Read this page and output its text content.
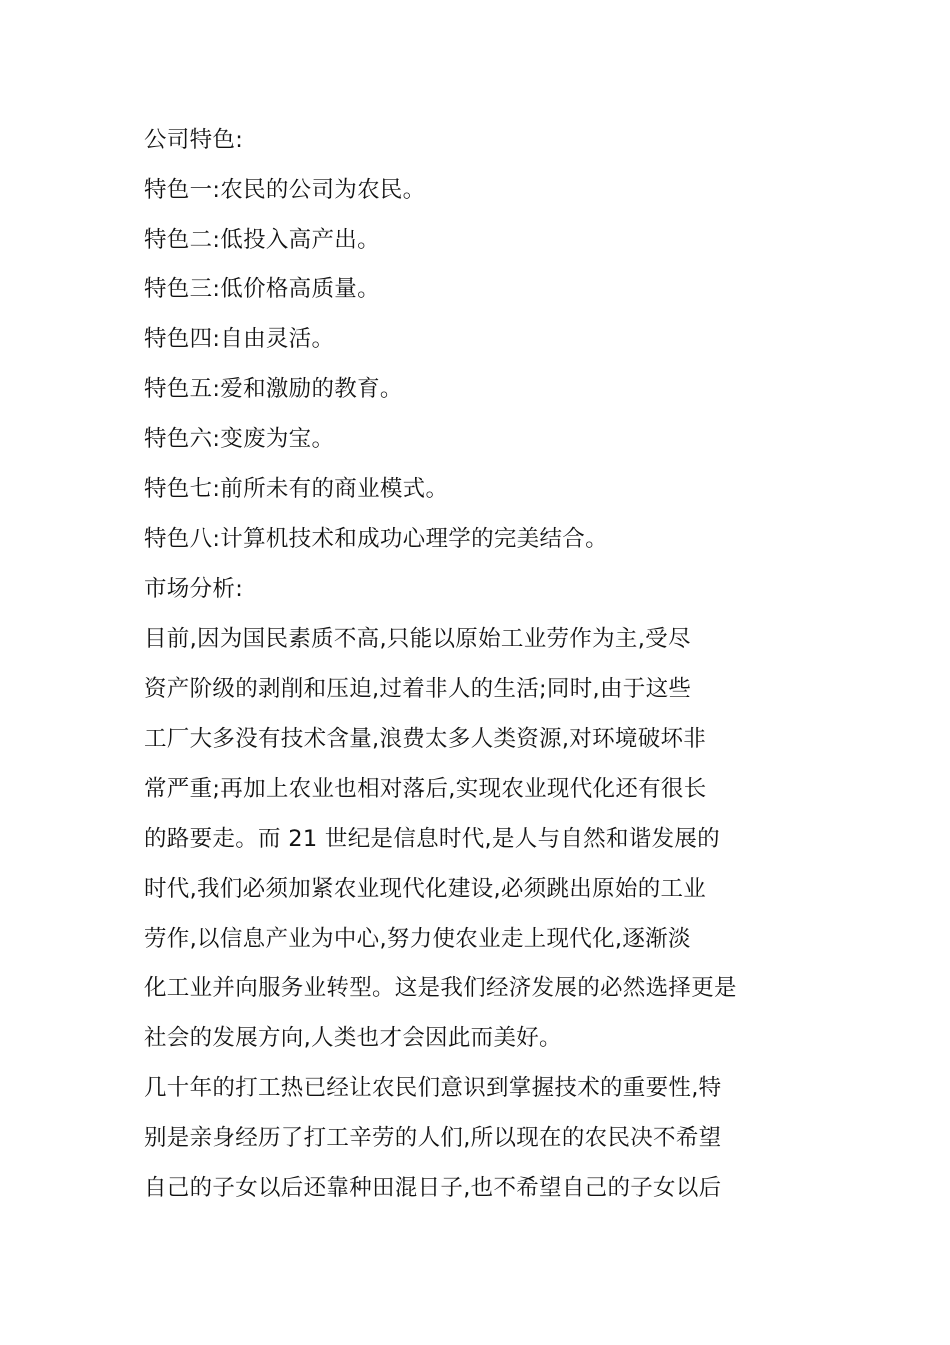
公司特色:
特色一:农民的公司为农民。
特色二:低投入高产出。
特色三:低价格高质量。
特色四:自由灵活。
特色五:爱和激励的教育。
特色六:变废为宝。
特色七:前所未有的商业模式。
特色八:计算机技术和成功心理学的完美结合。
市场分析:
目前,因为国民素质不高,只能以原始工业劳作为主,受尽
资产阶级的剥削和压迫,过着非人的生活;同时,由于这些
工厂大多没有技术含量,浪费太多人类资源,对环境破坏非
常严重;再加上农业也相对落后,实现农业现代化还有很长
的路要走。而 21 世纪是信息时代,是人与自然和谐发展的
时代,我们必须加紧农业现代化建设,必须跳出原始的工业
劳作,以信息产业为中心,努力使农业走上现代化,逐渐淡
化工业并向服务业转型。这是我们经济发展的必然选择更是
社会的发展方向,人类也才会因此而美好。
几十年的打工热已经让农民们意识到掌握技术的重要性,特
别是亲身经历了打工辛劳的人们,所以现在的农民决不希望
自己的子女以后还靠种田混日子,也不希望自己的子女以后
